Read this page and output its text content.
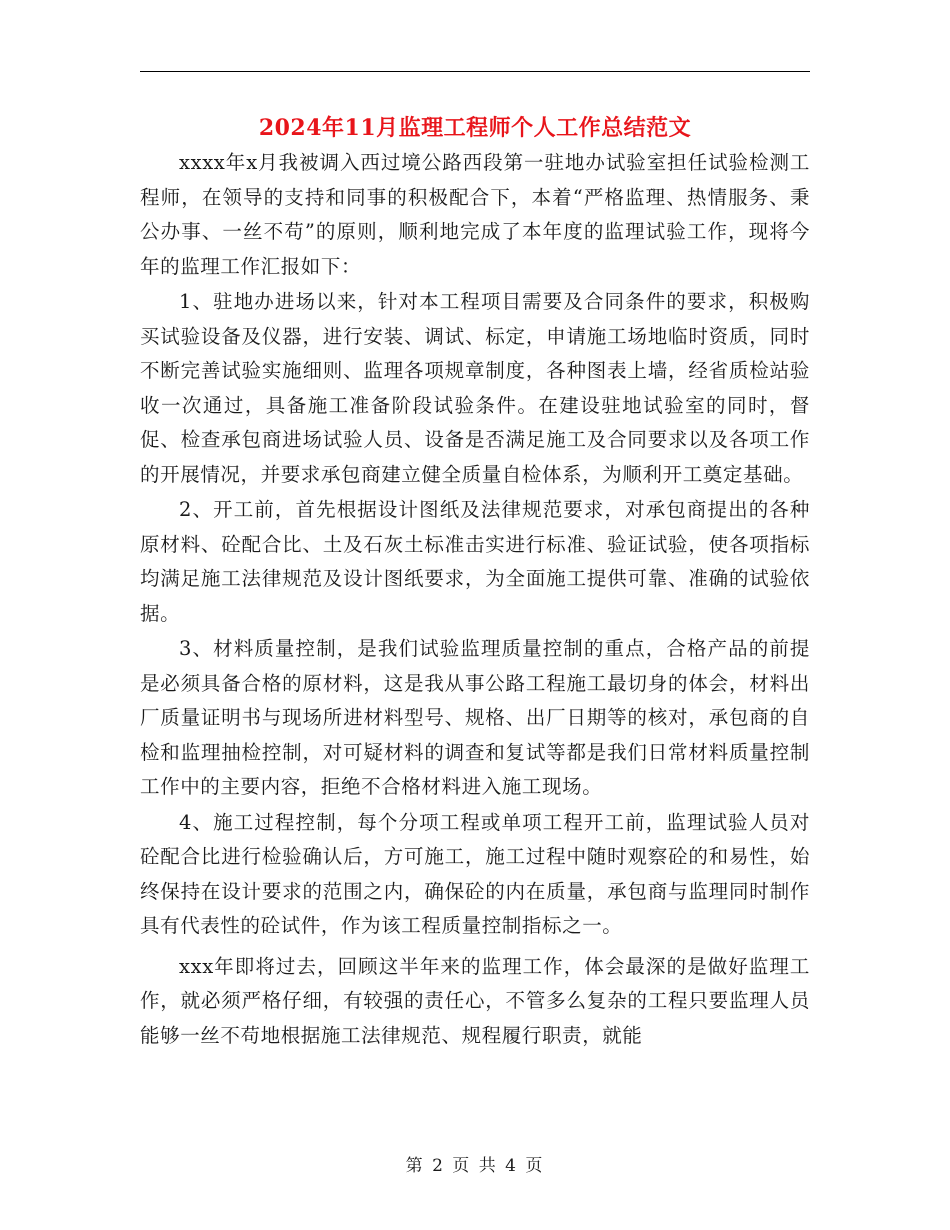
2024年11月监理工程师个人工作总结范文

xxxx年x月我被调入西过境公路西段第一驻地办试验室担任试验检测工程师，在领导的支持和同事的积极配合下，本着“严格监理、热情服务、秉公办事、一丝不苟”的原则，顺利地完成了本年度的监理试验工作，现将今年的监理工作汇报如下：

1、驻地办进场以来，针对本工程项目需要及合同条件的要求，积极购买试验设备及仪器，进行安装、调试、标定，申请施工场地临时资质，同时不断完善试验实施细则、监理各项规章制度，各种图表上墙，经省质检站验收一次通过，具备施工准备阶段试验条件。在建设驻地试验室的同时，督促、检查承包商进场试验人员、设备是否满足施工及合同要求以及各项工作的开展情况，并要求承包商建立健全质量自检体系，为顺利开工奠定基础。

2、开工前，首先根据设计图纸及法律规范要求，对承包商提出的各种原材料、砼配合比、土及石灰土标准击实进行标准、验证试验，使各项指标均满足施工法律规范及设计图纸要求，为全面施工提供可靠、准确的试验依据。

3、材料质量控制，是我们试验监理质量控制的重点，合格产品的前提是必须具备合格的原材料，这是我从事公路工程施工最切身的体会，材料出厂质量证明书与现场所进材料型号、规格、出厂日期等的核对，承包商的自检和监理抽检控制，对可疑材料的调查和复试等都是我们日常材料质量控制工作中的主要内容，拒绝不合格材料进入施工现场。

4、施工过程控制，每个分项工程或单项工程开工前，监理试验人员对砼配合比进行检验确认后，方可施工，施工过程中随时观察砼的和易性，始终保持在设计要求的范围之内，确保砼的内在质量，承包商与监理同时制作具有代表性的砼试件，作为该工程质量控制指标之一。

xxx年即将过去，回顾这半年来的监理工作，体会最深的是做好监理工作，就必须严格仔细，有较强的责任心，不管多么复杂的工程只要监理人员能够一丝不苟地根据施工法律规范、规程履行职责，就能

第 2 页 共 4 页
